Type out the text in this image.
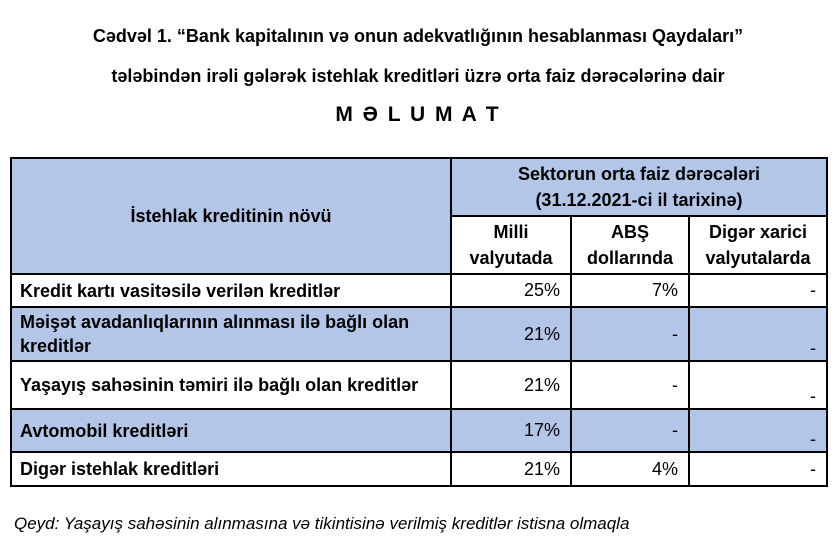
Cədvəl 1. “Bank kapitalının və onun adekvatlığının hesablanması Qaydaları”
tələbindən irəli gələrək istehlak kreditləri üzrə orta faiz dərəcələrinə dair
M Ə L U M A T
İstehlak kreditinin növü	Sektorun orta faiz dərəcələri
(31.12.2021-ci il tarixinə)		

	Milli valyutada	ABŞ dollarında	Digər xarici valyutalarda
Kredit kartı vasitəsilə verilən kreditlər	25%	7%	-
Məişət avadanlıqlarının alınması ilə bağlı olan kreditlər	21%	-	-
Yaşayış sahəsinin təmiri ilə bağlı olan kreditlər	21%	-	-
Avtomobil kreditləri	17%	-	-
Digər istehlak kreditləri	21%	4%	-
Qeyd: Yaşayış sahəsinin alınmasına və tikintisinə verilmiş kreditlər istisna olmaqla
